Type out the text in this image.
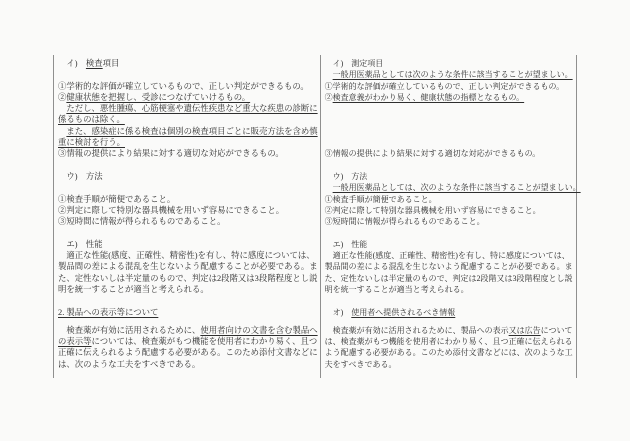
　イ)　検査項目

①学術的な評価が確立しているもので、正しい判定ができるもの。
②健康状態を把握し、受診につなげていけるもの。
　ただし、悪性腫瘍、心筋梗塞や遺伝性疾患など重大な疾患の診断に
係るものは除く。
　また、感染症に係る検査は個別の検査項目ごとに販売方法を含め慎
重に検討を行う。
③情報の提供により結果に対する適切な対応ができるもの。

　ウ)　方法

①検査手順が簡便であること。
②判定に際して特別な器具機械を用いず容易にできること。
③短時間に情報が得られるものであること。

　エ)　性能
　適正な性能(感度、正確性、精密性)を有し、特に感度については、
製品間の差による混乱を生じないよう配慮することが必要である。ま
た、定性ないしは半定量のもので、判定は2段階又は3段階程度とし説
明を統一することが適当と考えられる。

2. 製品への表示等について
　検査薬が有効に活用されるために、使用者向けの文書を含む製品へ
の表示等については、検査薬がもつ機能を使用者にわかり易く、且つ
正確に伝えられるよう配慮する必要がある。このため添付文書などに
は、次のような工夫をすべきである。
　イ)　測定項目
　一般用医薬品としては次のような条件に該当することが望ましい。
①学術的な評価が確立しているもので、正しい判定ができるもの。
②検査意義がわかり易く、健康状態の指標となるもの。

③情報の提供により結果に対する適切な対応ができるもの。

　ウ)　方法
　一般用医薬品としては、次のような条件に該当することが望ましい。
①検査手順が簡便であること。
②判定に際して特別な器具機械を用いず容易にできること。
③短時間に情報が得られるものであること。

　エ)　性能
　適正な性能(感度、正確性、精密性)を有し、特に感度については、
製品間の差による混乱を生じないよう配慮することが必要である。ま
た、定性ないしは半定量のもので、判定は2段階又は3段階程度とし説
明を統一することが適当と考えられる。

　オ)　使用者へ提供されるべき情報
　検査薬が有効に活用されるために、製品への表示又は広告について
は、検査薬がもつ機能を使用者にわかり易く、且つ正確に伝えられる
よう配慮する必要がある。このため添付文書などには、次のような工
夫をすべきである。
